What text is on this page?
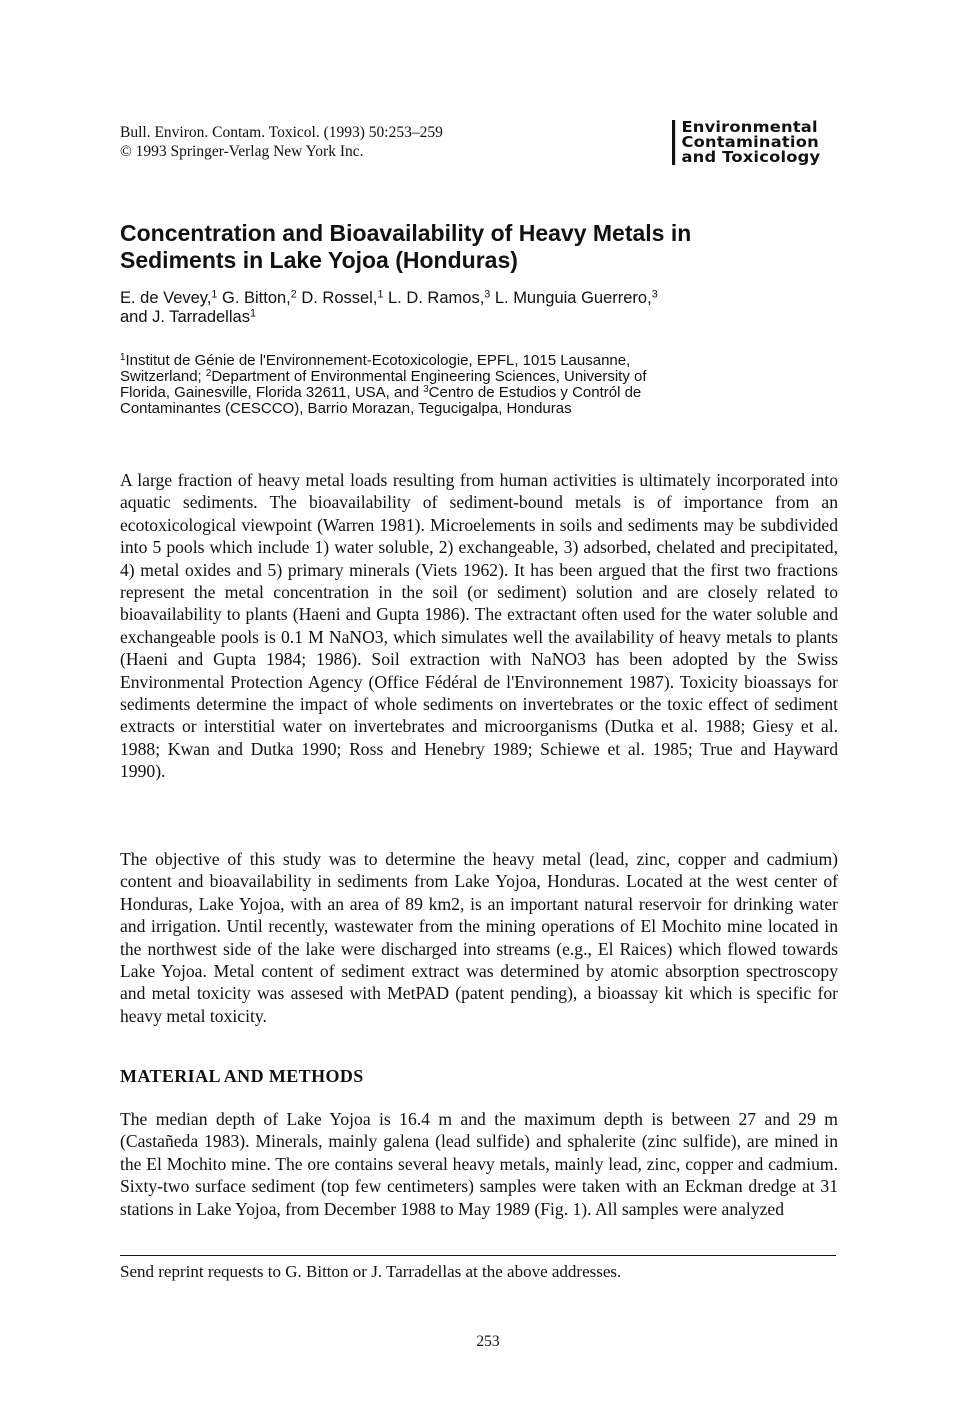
Bull. Environ. Contam. Toxicol. (1993) 50:253–259
© 1993 Springer-Verlag New York Inc.
Environmental
Contamination
and Toxicology
Concentration and Bioavailability of Heavy Metals in
Sediments in Lake Yojoa (Honduras)
E. de Vevey,$^1$ G. Bitton,$^2$ D. Rossel,$^1$ L. D. Ramos,$^3$ L. Munguia Guerrero,$^3$
and J. Tarradellas$^1$
$^1$Institut de Génie de l'Environnement-Ecotoxicologie, EPFL, 1015 Lausanne,
Switzerland; $^2$Department of Environmental Engineering Sciences, University of
Florida, Gainesville, Florida 32611, USA, and $^3$Centro de Estudios y Contról de
Contaminantes (CESCCO), Barrio Morazan, Tegucigalpa, Honduras

A large fraction of heavy metal loads resulting from human activities is ultimately incorporated into aquatic sediments. The bioavailability of sediment-bound metals is of importance from an ecotoxicological viewpoint (Warren 1981). Microelements in soils and sediments may be subdivided into 5 pools which include 1) water soluble, 2) exchangeable, 3) adsorbed, chelated and precipitated, 4) metal oxides and 5) primary minerals (Viets 1962). It has been argued that the first two fractions represent the metal concentration in the soil (or sediment) solution and are closely related to bioavailability to plants (Haeni and Gupta 1986). The extractant often used for the water soluble and exchangeable pools is 0.1 M NaNO3, which simulates well the availability of heavy metals to plants (Haeni and Gupta 1984; 1986). Soil extraction with NaNO3 has been adopted by the Swiss Environmental Protection Agency (Office Fédéral de l'Environnement 1987). Toxicity bioassays for sediments determine the impact of whole sediments on invertebrates or the toxic effect of sediment extracts or interstitial water on invertebrates and microorganisms (Dutka et al. 1988; Giesy et al. 1988; Kwan and Dutka 1990; Ross and Henebry 1989; Schiewe et al. 1985; True and Hayward 1990).

The objective of this study was to determine the heavy metal (lead, zinc, copper and cadmium) content and bioavailability in sediments from Lake Yojoa, Honduras. Located at the west center of Honduras, Lake Yojoa, with an area of 89 km2, is an important natural reservoir for drinking water and irrigation. Until recently, wastewater from the mining operations of El Mochito mine located in the northwest side of the lake were discharged into streams (e.g., El Raices) which flowed towards Lake Yojoa. Metal content of sediment extract was determined by atomic absorption spectroscopy and metal toxicity was assesed with MetPAD (patent pending), a bioassay kit which is specific for heavy metal toxicity.

MATERIAL AND METHODS

The median depth of Lake Yojoa is 16.4 m and the maximum depth is between 27 and 29 m (Castañeda 1983). Minerals, mainly galena (lead sulfide) and sphalerite (zinc sulfide), are mined in the El Mochito mine. The ore contains several heavy metals, mainly lead, zinc, copper and cadmium. Sixty-two surface sediment (top few centimeters) samples were taken with an Eckman dredge at 31 stations in Lake Yojoa, from December 1988 to May 1989 (Fig. 1). All samples were analyzed

Send reprint requests to G. Bitton or J. Tarradellas at the above addresses.
253
